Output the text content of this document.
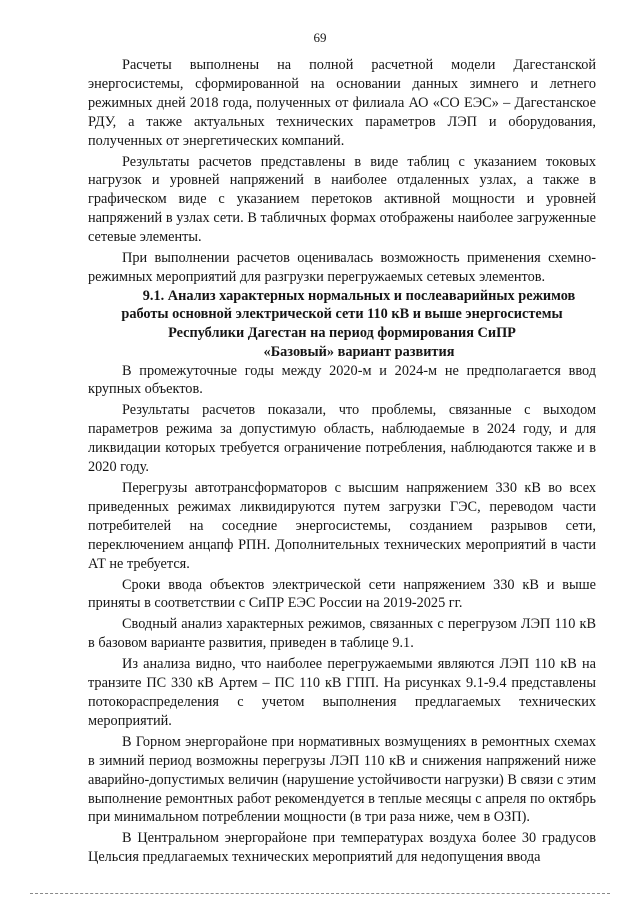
69

Расчеты выполнены на полной расчетной модели Дагестанской энергосистемы, сформированной на основании данных зимнего и летнего режимных дней 2018 года, полученных от филиала АО «СО ЕЭС» – Дагестанское РДУ, а также актуальных технических параметров ЛЭП и оборудования, полученных от энергетических компаний.

Результаты расчетов представлены в виде таблиц с указанием токовых нагрузок и уровней напряжений в наиболее отдаленных узлах, а также в графическом виде с указанием перетоков активной мощности и уровней напряжений в узлах сети. В табличных формах отображены наиболее загруженные сетевые элементы.

При выполнении расчетов оценивалась возможность применения схемно-режимных мероприятий для разгрузки перегружаемых сетевых элементов.

9.1. Анализ характерных нормальных и послеаварийных режимов работы основной электрической сети 110 кВ и выше энергосистемы Республики Дагестан на период формирования СиПР

«Базовый» вариант развития

В промежуточные годы между 2020-м и 2024-м не предполагается ввод крупных объектов.

Результаты расчетов показали, что проблемы, связанные с выходом параметров режима за допустимую область, наблюдаемые в 2024 году, и для ликвидации которых требуется ограничение потребления, наблюдаются также и в 2020 году.

Перегрузы автотрансформаторов с высшим напряжением 330 кВ во всех приведенных режимах ликвидируются путем загрузки ГЭС, переводом части потребителей на соседние энергосистемы, созданием разрывов сети, переключением анцапф РПН. Дополнительных технических мероприятий в части АТ не требуется.

Сроки ввода объектов электрической сети напряжением 330 кВ и выше приняты в соответствии с СиПР ЕЭС России на 2019-2025 гг.

Сводный анализ характерных режимов, связанных с перегрузом ЛЭП 110 кВ в базовом варианте развития, приведен в таблице 9.1.

Из анализа видно, что наиболее перегружаемыми являются ЛЭП 110 кВ на транзите ПС 330 кВ Артем – ПС 110 кВ ГПП. На рисунках 9.1-9.4 представлены потокораспределения с учетом выполнения предлагаемых технических мероприятий.

В Горном энергорайоне при нормативных возмущениях в ремонтных схемах в зимний период возможны перегрузы ЛЭП 110 кВ и снижения напряжений ниже аварийно-допустимых величин (нарушение устойчивости нагрузки) В связи с этим выполнение ремонтных работ рекомендуется в теплые месяцы с апреля по октябрь при минимальном потреблении мощности (в три раза ниже, чем в ОЗП).

В Центральном энергорайоне при температурах воздуха более 30 градусов Цельсия предлагаемых технических мероприятий для недопущения ввода
